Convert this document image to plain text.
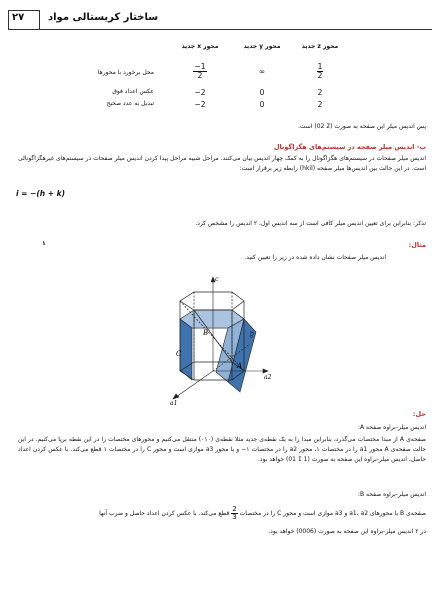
۲۷ ساختار کریستالی مواد
محور x جدید	محور y جدید	محور z جدید
محل برخورد با محورها	$\frac{-1}{2}$	∞	$\frac{1}{2}$
عکس اعداد فوق	−2	0	2
تبدیل به عدد صحیح	−2	0	2
پس اندیس میلر این صفحه به صورت (2̄ 02) است.
ب- اندیس میلر صفحه در سیستم‌های هگزاگونال
اندیس میلر صفحات در سیستم‌های هگزاگونال را به کمک چهار اندیس بیان می‌کنند. مراحل شبیه مراحل پیدا کردن اندیس میلر صفحات در سیستم‌های غیرهگزاگونالی است. در این حالت بین اندیس‌ها میلر صفحه (hkil) رابطه زیر برقرار است:
i = −(h + k)
تذکر: بنابراین برای تعیین اندیس میلر کافی است از سه اندیس اول، ۲ اندیس را مشخص کرد.
مثال:
۱
اندیس میلر صفحات نشان داده شده در زیر را تعیین کنید.
c
a2
a1
a3
B
C
A
حل:
اندیس میلر-براوه صفحه A:
صفحه‌ی A از مبدا مختصات می‌گذرد، بنابراین مبدا را به یک نقطه‌ی جدید مثلا نقطه‌ی (۰۱۰) منتقل می‌کنیم و محورهای مختصات را در این نقطه برپا می‌کنیم. در این حالت صفحه‌ی A محور a1 را در مختصات ۱، محور a2 را در مختصات ۱− و با محور a3 موازی است و محور C را در مختصات ۱ قطع می‌کند. با عکس کردن اعداد حاصل، اندیس میلر-براوه این صفحه به صورت (1 1̄ 01) خواهد بود.
اندیس میلر-براوه صفحه B:
صفحه‌ی B با محورهای a1، a2 و a3 موازی است و محور C را در مختصات
$\frac{2}{3}$
قطع می‌کند. با عکس کردن اعداد حاصل و ضرب آنها
در ۲ اندیس میلر-براوه این صفحه به صورت (0006) خواهد بود.
